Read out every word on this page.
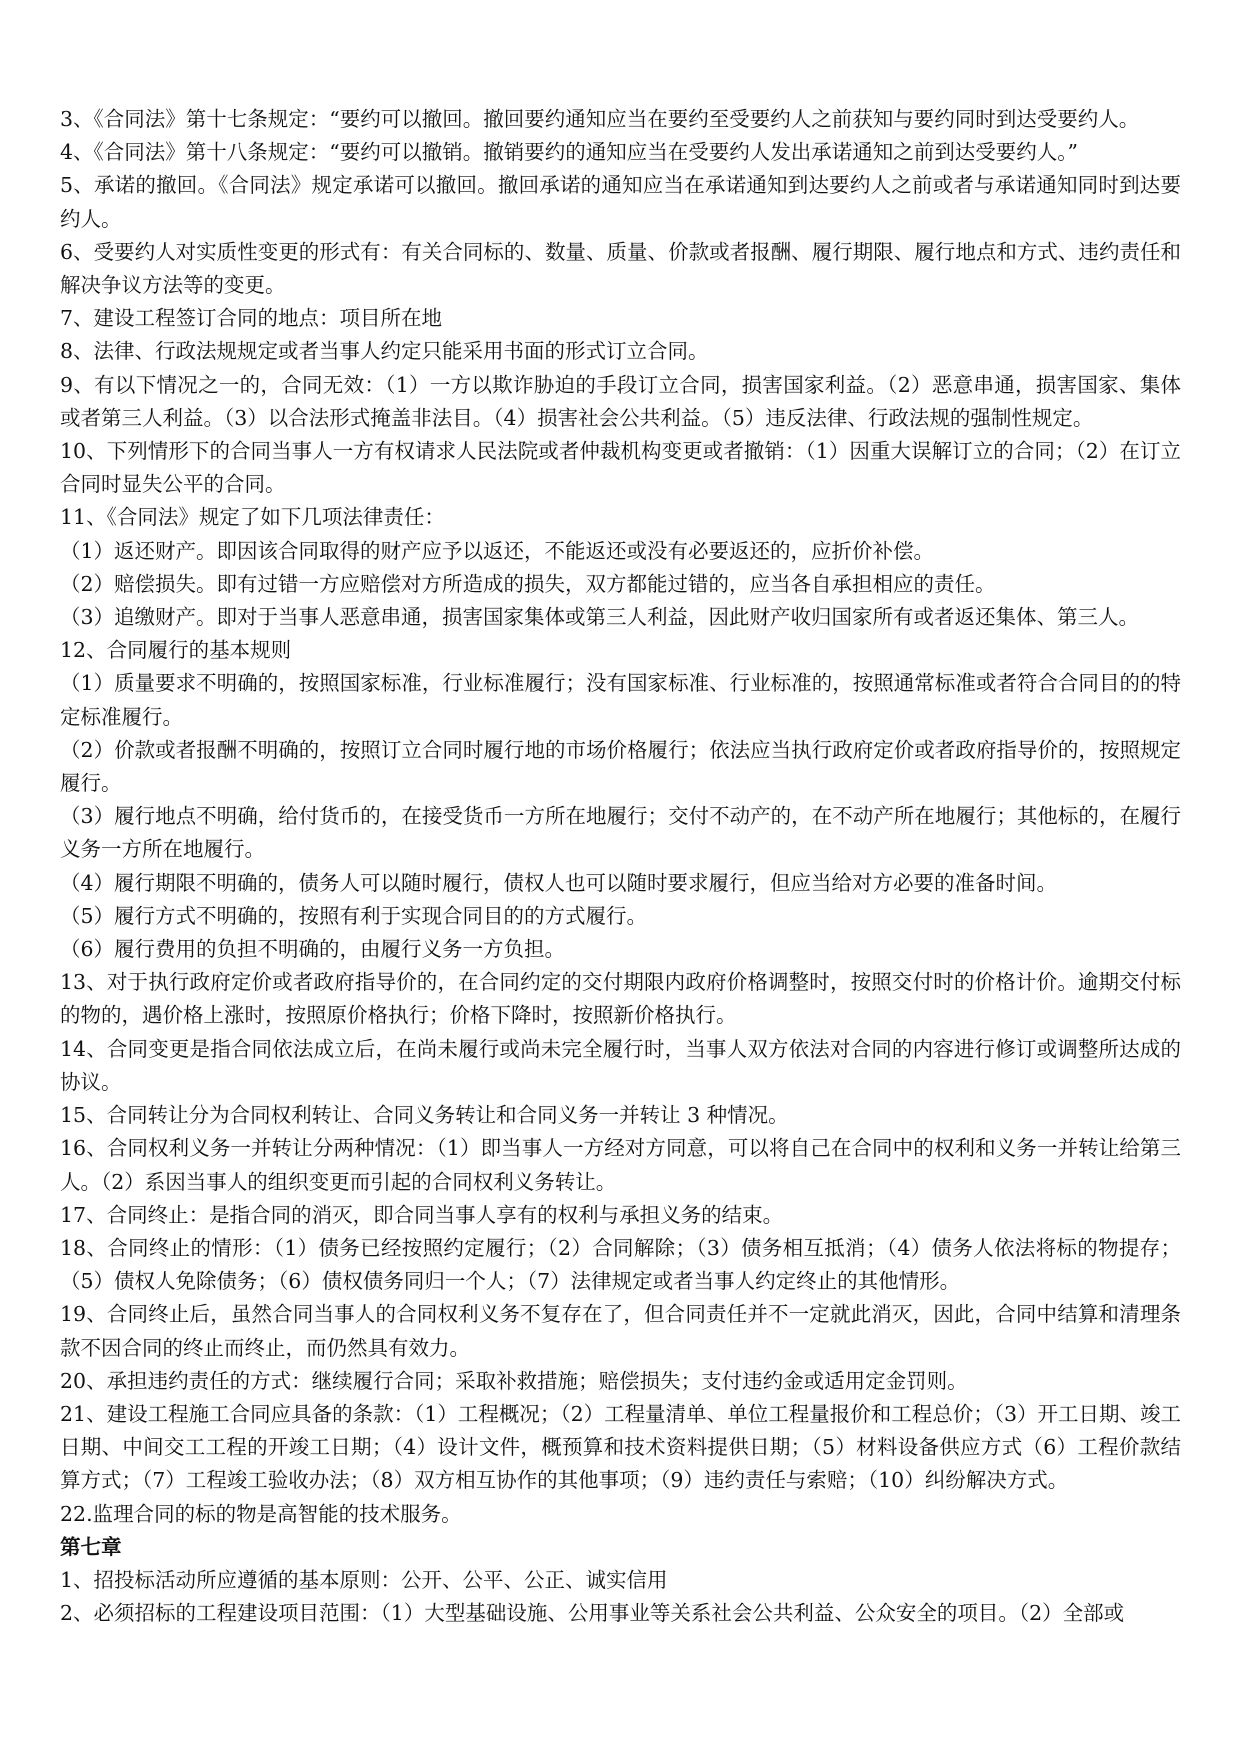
3、《合同法》第十七条规定：“要约可以撤回。撤回要约通知应当在要约至受要约人之前获知与要约同时到达受要约人。
4、《合同法》第十八条规定：“要约可以撤销。撤销要约的通知应当在受要约人发出承诺通知之前到达受要约人。”
5、承诺的撤回。《合同法》规定承诺可以撤回。撤回承诺的通知应当在承诺通知到达要约人之前或者与承诺通知同时到达要约人。
6、受要约人对实质性变更的形式有：有关合同标的、数量、质量、价款或者报酬、履行期限、履行地点和方式、违约责任和解决争议方法等的变更。
7、建设工程签订合同的地点：项目所在地
8、法律、行政法规规定或者当事人约定只能采用书面的形式订立合同。
9、有以下情况之一的，合同无效：（1）一方以欺诈胁迫的手段订立合同，损害国家利益。（2）恶意串通，损害国家、集体或者第三人利益。（3）以合法形式掩盖非法目。（4）损害社会公共利益。（5）违反法律、行政法规的强制性规定。
10、下列情形下的合同当事人一方有权请求人民法院或者仲裁机构变更或者撤销：（1）因重大误解订立的合同；（2）在订立合同时显失公平的合同。
11、《合同法》规定了如下几项法律责任：
（1）返还财产。即因该合同取得的财产应予以返还，不能返还或没有必要返还的，应折价补偿。
（2）赔偿损失。即有过错一方应赔偿对方所造成的损失，双方都能过错的，应当各自承担相应的责任。
（3）追缴财产。即对于当事人恶意串通，损害国家集体或第三人利益，因此财产收归国家所有或者返还集体、第三人。
12、合同履行的基本规则
（1）质量要求不明确的，按照国家标准，行业标准履行；没有国家标准、行业标准的，按照通常标准或者符合合同目的的特定标准履行。
（2）价款或者报酬不明确的，按照订立合同时履行地的市场价格履行；依法应当执行政府定价或者政府指导价的，按照规定履行。
（3）履行地点不明确，给付货币的，在接受货币一方所在地履行；交付不动产的，在不动产所在地履行；其他标的，在履行义务一方所在地履行。
（4）履行期限不明确的，债务人可以随时履行，债权人也可以随时要求履行，但应当给对方必要的准备时间。
（5）履行方式不明确的，按照有利于实现合同目的的方式履行。
（6）履行费用的负担不明确的，由履行义务一方负担。
13、对于执行政府定价或者政府指导价的，在合同约定的交付期限内政府价格调整时，按照交付时的价格计价。逾期交付标的物的，遇价格上涨时，按照原价格执行；价格下降时，按照新价格执行。
14、合同变更是指合同依法成立后，在尚未履行或尚未完全履行时，当事人双方依法对合同的内容进行修订或调整所达成的协议。
15、合同转让分为合同权利转让、合同义务转让和合同义务一并转让 3 种情况。
16、合同权利义务一并转让分两种情况：（1）即当事人一方经对方同意，可以将自己在合同中的权利和义务一并转让给第三人。（2）系因当事人的组织变更而引起的合同权利义务转让。
17、合同终止：是指合同的消灭，即合同当事人享有的权利与承担义务的结束。
18、合同终止的情形：（1）债务已经按照约定履行；（2）合同解除；（3）债务相互抵消；（4）债务人依法将标的物提存；（5）债权人免除债务；（6）债权债务同归一个人；（7）法律规定或者当事人约定终止的其他情形。
19、合同终止后，虽然合同当事人的合同权利义务不复存在了，但合同责任并不一定就此消灭，因此，合同中结算和清理条款不因合同的终止而终止，而仍然具有效力。
20、承担违约责任的方式：继续履行合同；采取补救措施；赔偿损失；支付违约金或适用定金罚则。
21、建设工程施工合同应具备的条款：（1）工程概况；（2）工程量清单、单位工程量报价和工程总价；（3）开工日期、竣工日期、中间交工工程的开竣工日期；（4）设计文件，概预算和技术资料提供日期；（5）材料设备供应方式（6）工程价款结算方式；（7）工程竣工验收办法；（8）双方相互协作的其他事项；（9）违约责任与索赔；（10）纠纷解决方式。
22.监理合同的标的物是高智能的技术服务。
第七章
1、招投标活动所应遵循的基本原则：公开、公平、公正、诚实信用
2、必须招标的工程建设项目范围：（1）大型基础设施、公用事业等关系社会公共利益、公众安全的项目。（2）全部或
